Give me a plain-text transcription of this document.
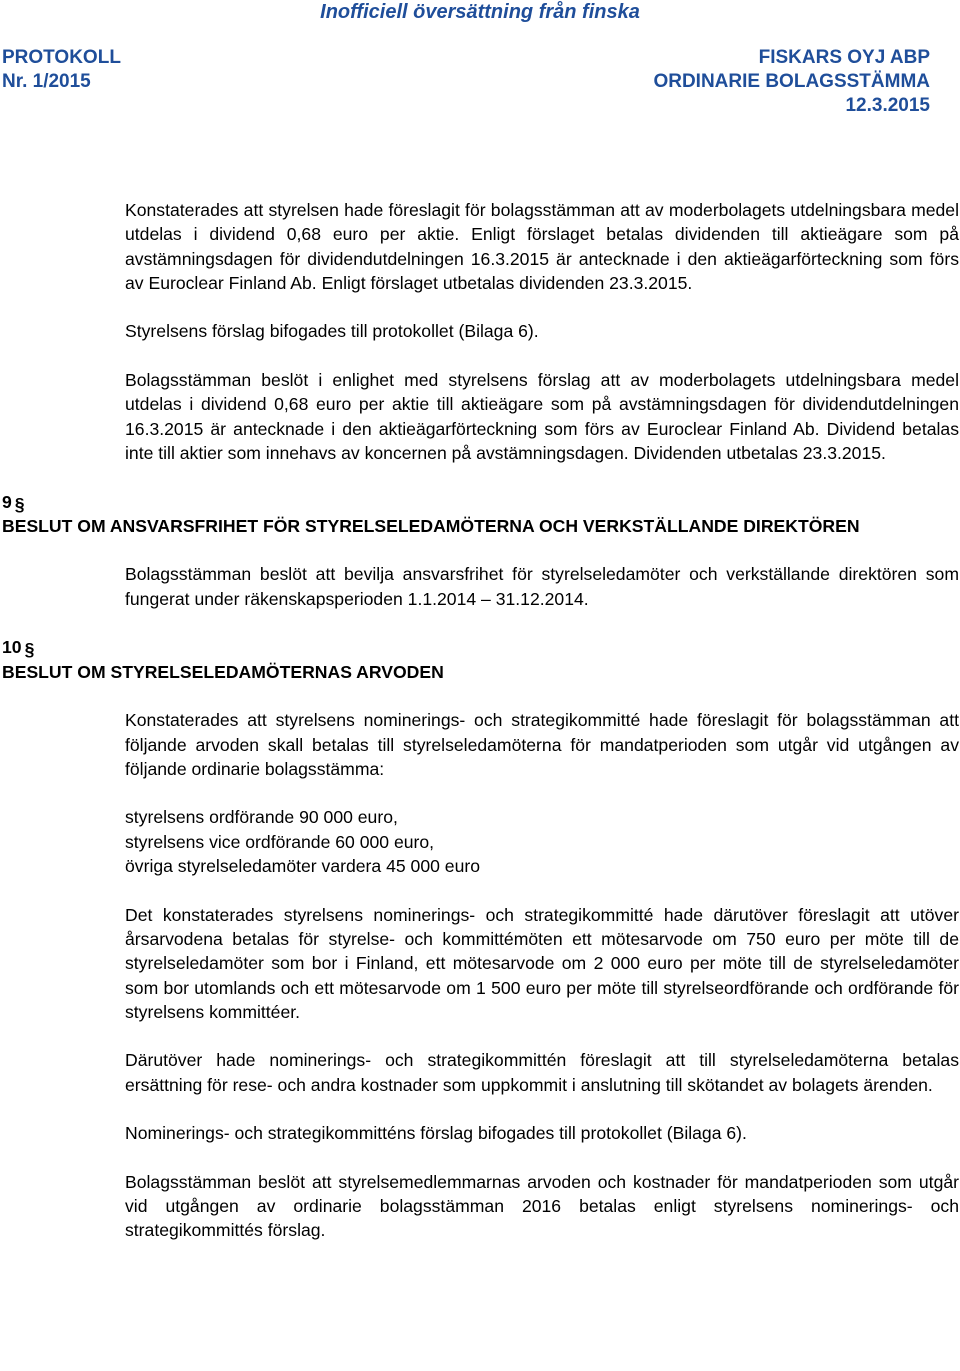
Inofficiell översättning från finska
PROTOKOLL
Nr. 1/2015
FISKARS OYJ ABP
ORDINARIE BOLAGSSTÄMMA
12.3.2015

Konstaterades att styrelsen hade föreslagit för bolagsstämman att av moderbolagets utdelningsbara medel utdelas i dividend 0,68 euro per aktie. Enligt förslaget betalas dividenden till aktieägare som på avstämningsdagen för dividendutdelningen 16.3.2015 är antecknade i den aktieägarförteckning som förs av Euroclear Finland Ab. Enligt förslaget utbetalas dividenden 23.3.2015.

Styrelsens förslag bifogades till protokollet (Bilaga 6).

Bolagsstämman beslöt i enlighet med styrelsens förslag att av moderbolagets utdelningsbara medel utdelas i dividend 0,68 euro per aktie till aktieägare som på avstämningsdagen för dividendutdelningen 16.3.2015 är antecknade i den aktieägarförteckning som förs av Euroclear Finland Ab. Dividend betalas inte till aktier som innehavs av koncernen på avstämningsdagen. Dividenden utbetalas 23.3.2015.

9 §
BESLUT OM ANSVARSFRIHET FÖR STYRELSELEDAMÖTERNA OCH VERKSTÄLLANDE DIREKTÖREN

Bolagsstämman beslöt att bevilja ansvarsfrihet för styrelseledamöter och verkställande direktören som fungerat under räkenskapsperioden 1.1.2014 – 31.12.2014.

10 §
BESLUT OM STYRELSELEDAMÖTERNAS ARVODEN

Konstaterades att styrelsens nominerings- och strategikommitté hade föreslagit för bolagsstämman att följande arvoden skall betalas till styrelseledamöterna för mandatperioden som utgår vid utgången av följande ordinarie bolagsstämma:

styrelsens ordförande 90 000 euro,
styrelsens vice ordförande 60 000 euro,
övriga styrelseledamöter vardera 45 000 euro

Det konstaterades styrelsens nominerings- och strategikommitté hade därutöver föreslagit att utöver årsarvodena betalas för styrelse- och kommittémöten ett mötesarvode om 750 euro per möte till de styrelseledamöter som bor i Finland, ett mötesarvode om 2 000 euro per möte till de styrelseledamöter som bor utomlands och ett mötesarvode om 1 500 euro per möte till styrelseordförande och ordförande för styrelsens kommittéer.

Därutöver hade nominerings- och strategikommittén föreslagit att till styrelseledamöterna betalas ersättning för rese- och andra kostnader som uppkommit i anslutning till skötandet av bolagets ärenden.

Nominerings- och strategikommitténs förslag bifogades till protokollet (Bilaga 6).

Bolagsstämman beslöt att styrelsemedlemmarnas arvoden och kostnader för mandatperioden som utgår vid utgången av ordinarie bolagsstämman 2016 betalas enligt styrelsens nominerings- och strategikommittés förslag.
